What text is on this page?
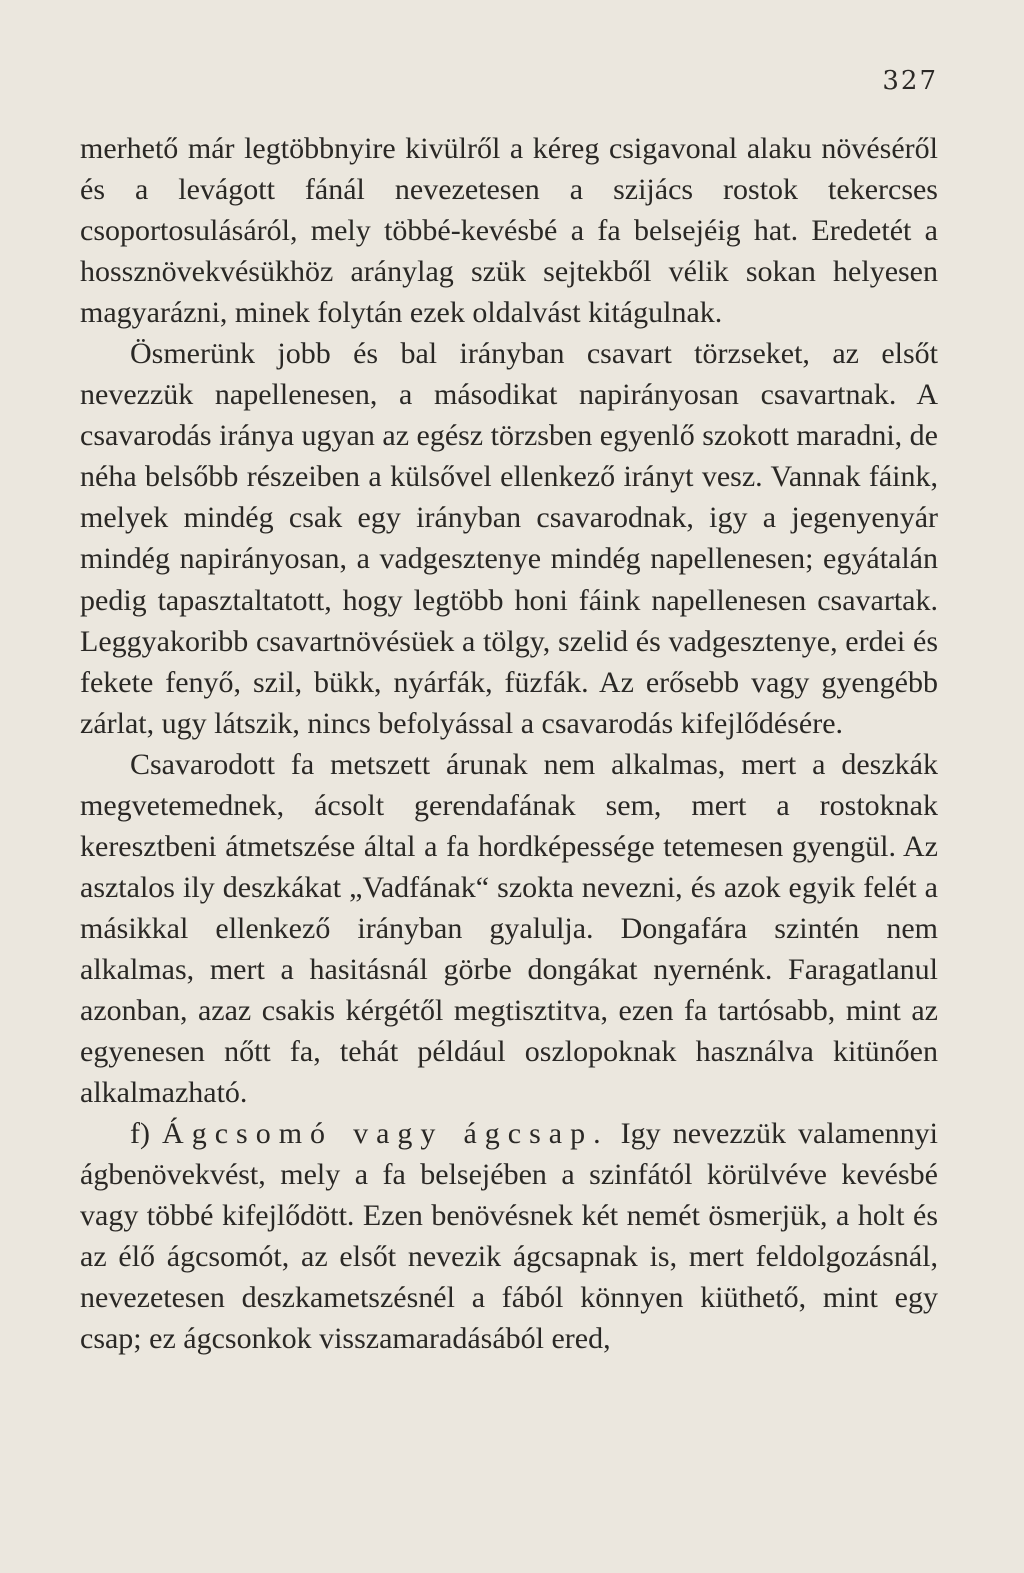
327

merhető már legtöbbnyire kivülről a kéreg csigavonal alaku növéséről és a levágott fánál nevezetesen a szijács rostok tekercses csoportosulásáról, mely többé-kevésbé a fa belsejéig hat. Eredetét a hossznövekvésükhöz aránylag szük sejtekből vélik sokan helyesen magyarázni, minek folytán ezek oldalvást kitágulnak.

Ösmerünk jobb és bal irányban csavart törzseket, az elsőt nevezzük napellenesen, a másodikat napirányosan csavartnak. A csavarodás iránya ugyan az egész törzsben egyenlő szokott maradni, de néha belsőbb részeiben a külsővel ellenkező irányt vesz. Vannak fáink, melyek mindég csak egy irányban csavarodnak, igy a jegenyenyár mindég napirányosan, a vadgesztenye mindég napellenesen; egyátalán pedig tapasztaltatott, hogy legtöbb honi fáink napellenesen csavartak. Leggyakoribb csavartnövésüek a tölgy, szelid és vadgesztenye, erdei és fekete fenyő, szil, bükk, nyárfák, füzfák. Az erősebb vagy gyengébb zárlat, ugy látszik, nincs befolyással a csavarodás kifejlődésére.

Csavarodott fa metszett árunak nem alkalmas, mert a deszkák megvetemednek, ácsolt gerendafának sem, mert a rostoknak keresztbeni átmetszése által a fa hordképessége tetemesen gyengül. Az asztalos ily deszkákat „Vadfának“ szokta nevezni, és azok egyik felét a másikkal ellenkező irányban gyalulja. Dongafára szintén nem alkalmas, mert a hasitásnál görbe dongákat nyernénk. Faragatlanul azonban, azaz csakis kérgétől megtisztitva, ezen fa tartósabb, mint az egyenesen nőtt fa, tehát például oszlopoknak használva kitünően alkalmazható.

f) Ágcsomó vagy ágcsap. Igy nevezzük valamennyi ágbenövekvést, mely a fa belsejében a szinfától körülvéve kevésbé vagy többé kifejlődött. Ezen benövésnek két nemét ösmerjük, a holt és az élő ágcsomót, az elsőt nevezik ágcsapnak is, mert feldolgozásnál, nevezetesen deszkametszésnél a fából könnyen kiüthető, mint egy csap; ez ágcsonkok visszamaradásából ered,
